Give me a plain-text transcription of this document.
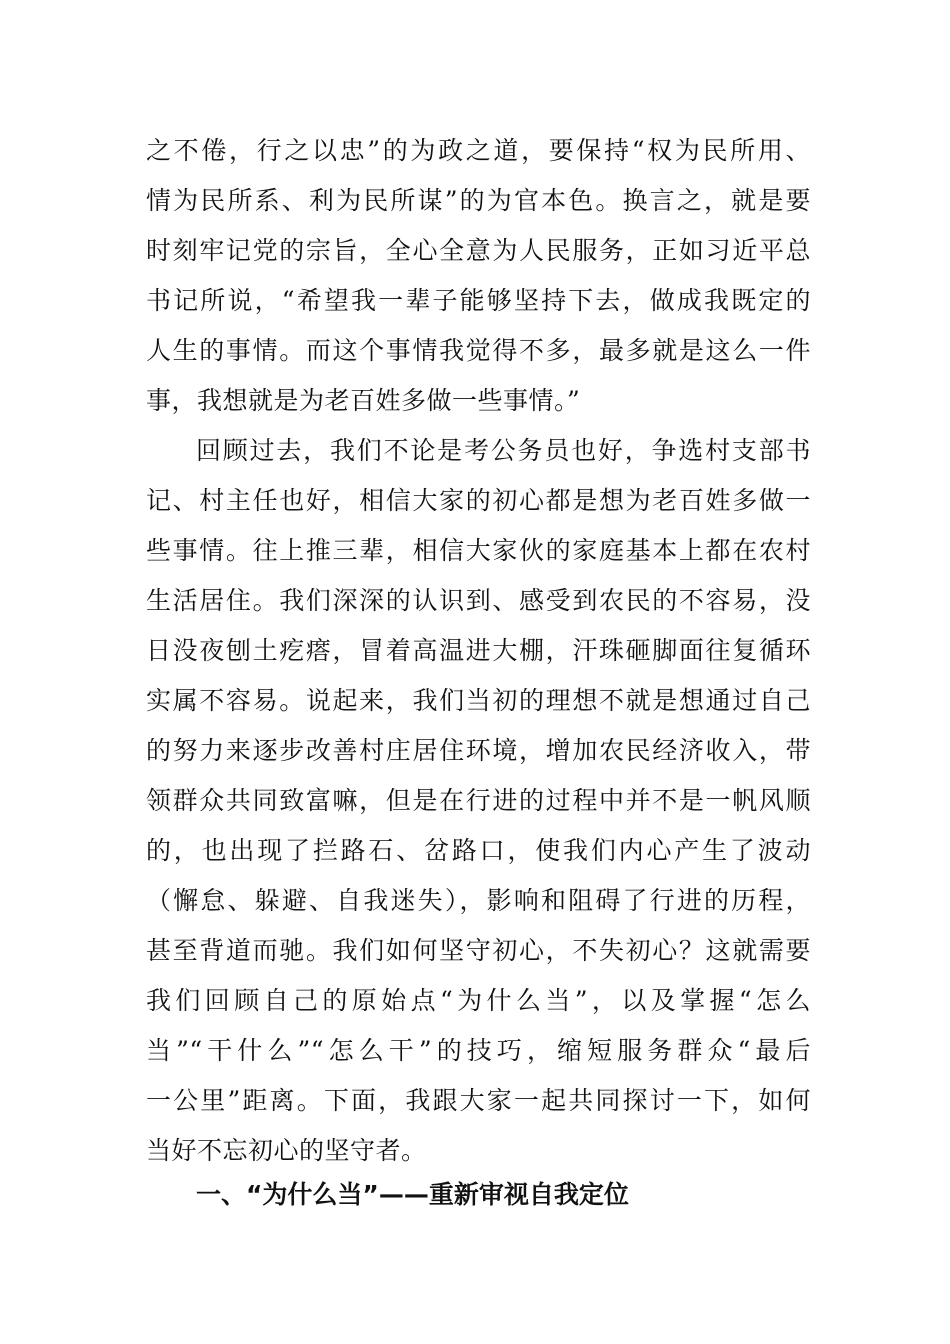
之不倦，行之以忠”的为政之道，要保持“权为民所用、
情为民所系、利为民所谋”的为官本色。换言之，就是要
时刻牢记党的宗旨，全心全意为人民服务，正如习近平总
书记所说，“希望我一辈子能够坚持下去，做成我既定的
人生的事情。而这个事情我觉得不多，最多就是这么一件
事，我想就是为老百姓多做一些事情。”
回顾过去，我们不论是考公务员也好，争选村支部书
记、村主任也好，相信大家的初心都是想为老百姓多做一
些事情。往上推三辈，相信大家伙的家庭基本上都在农村
生活居住。我们深深的认识到、感受到农民的不容易，没
日没夜刨土疙瘩，冒着高温进大棚，汗珠砸脚面往复循环
实属不容易。说起来，我们当初的理想不就是想通过自己
的努力来逐步改善村庄居住环境，增加农民经济收入，带
领群众共同致富嘛，但是在行进的过程中并不是一帆风顺
的，也出现了拦路石、岔路口，使我们内心产生了波动
（懈怠、躲避、自我迷失），影响和阻碍了行进的历程，
甚至背道而驰。我们如何坚守初心，不失初心？这就需要
我们回顾自己的原始点“为什么当”，以及掌握“怎么
当”“干什么”“怎么干”的技巧，缩短服务群众“最后
一公里”距离。下面，我跟大家一起共同探讨一下，如何
当好不忘初心的坚守者。
一、“为什么当”——重新审视自我定位
